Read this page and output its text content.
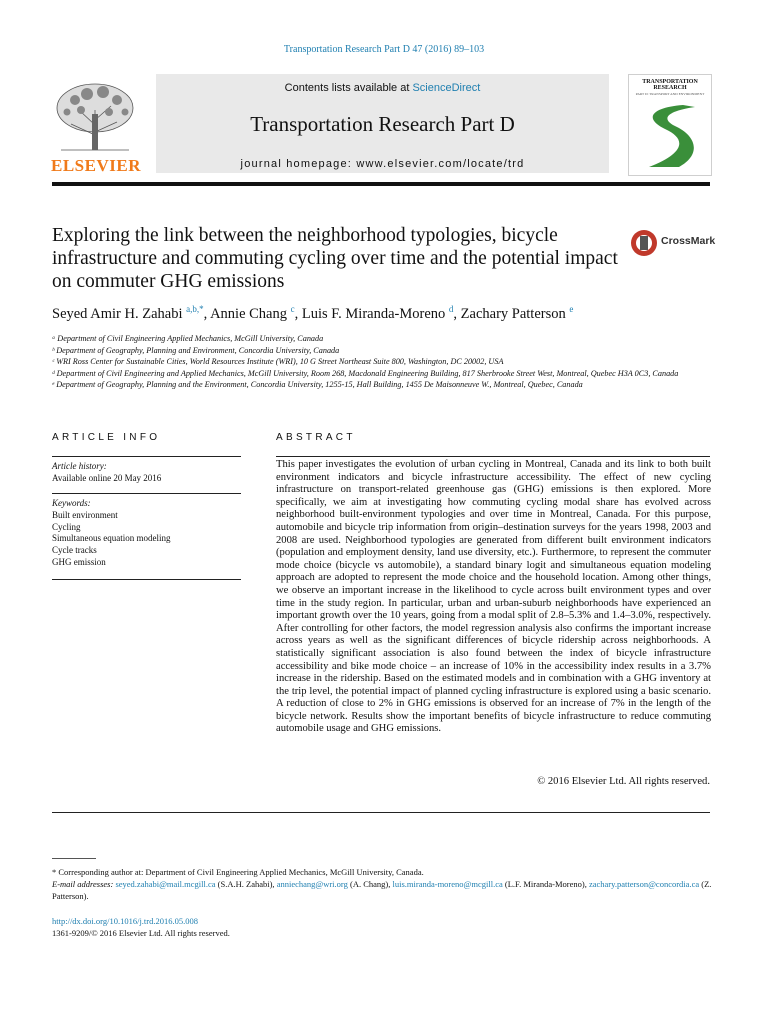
Transportation Research Part D 47 (2016) 89–103
ELSEVIER
Contents lists available at ScienceDirect
Transportation Research Part D
journal homepage: www.elsevier.com/locate/trd
TRANSPORTATION RESEARCH
PART D: TRANSPORT AND ENVIRONMENT
Exploring the link between the neighborhood typologies, bicycle infrastructure and commuting cycling over time and the potential impact on commuter GHG emissions
CrossMark
Seyed Amir H. Zahabi $^{a,b,*}$, Annie Chang $^c$, Luis F. Miranda-Moreno $^d$, Zachary Patterson $^e$

ᵃ Department of Civil Engineering Applied Mechanics, McGill University, Canada

ᵇ Department of Geography, Planning and Environment, Concordia University, Canada

ᶜ WRI Ross Center for Sustainable Cities, World Resources Institute (WRI), 10 G Street Northeast Suite 800, Washington, DC 20002, USA

ᵈ Department of Civil Engineering and Applied Mechanics, McGill University, Room 268, Macdonald Engineering Building, 817 Sherbrooke Street West, Montreal, Quebec H3A 0C3, Canada

ᵉ Department of Geography, Planning and the Environment, Concordia University, 1255-15, Hall Building, 1455 De Maisonneuve W., Montreal, Quebec, Canada

ARTICLE INFO
Article history:
Available online 20 May 2016
Keywords:
Built environment
Cycling
Simultaneous equation modeling
Cycle tracks
GHG emission
ABSTRACT
This paper investigates the evolution of urban cycling in Montreal, Canada and its link to both built environment indicators and bicycle infrastructure accessibility. The effect of new cycling infrastructure on transport-related greenhouse gas (GHG) emissions is then explored. More specifically, we aim at investigating how commuting cycling modal share has evolved across neighborhood built-environment typologies and over time in Montreal, Canada. For this purpose, automobile and bicycle trip information from origin–destination surveys for the years 1998, 2003 and 2008 are used. Neighborhood typologies are generated from different built environment indicators (population and employment density, land use diversity, etc.). Furthermore, to represent the commuter mode choice (bicycle vs automobile), a standard binary logit and simultaneous equation modeling approach are adopted to represent the mode choice and the household location. Among other things, we observe an important increase in the likelihood to cycle across built environment types and over time in the study region. In particular, urban and urban-suburb neighborhoods have experienced an important growth over the 10 years, going from a modal split of 2.8–5.3% and 1.4–3.0%, respectively. After controlling for other factors, the model regression analysis also confirms the important increase across years as well as the significant differences of bicycle ridership across neighborhoods. A statistically significant association is also found between the index of bicycle infrastructure accessibility and bike mode choice – an increase of 10% in the accessibility index results in a 3.7% increase in the ridership. Based on the estimated models and in combination with a GHG inventory at the trip level, the potential impact of planned cycling infrastructure is explored using a basic scenario. A reduction of close to 2% in GHG emissions is observed for an increase of 7% in the length of the bicycle network. Results show the important benefits of bicycle infrastructure to reduce commuting automobile usage and GHG emissions.
© 2016 Elsevier Ltd. All rights reserved.

* Corresponding author at: Department of Civil Engineering Applied Mechanics, McGill University, Canada.

E-mail addresses: seyed.zahabi@mail.mcgill.ca (S.A.H. Zahabi), anniechang@wri.org (A. Chang), luis.miranda-moreno@mcgill.ca (L.F. Miranda-Moreno), zachary.patterson@concordia.ca (Z. Patterson).

http://dx.doi.org/10.1016/j.trd.2016.05.008
1361-9209/© 2016 Elsevier Ltd. All rights reserved.
